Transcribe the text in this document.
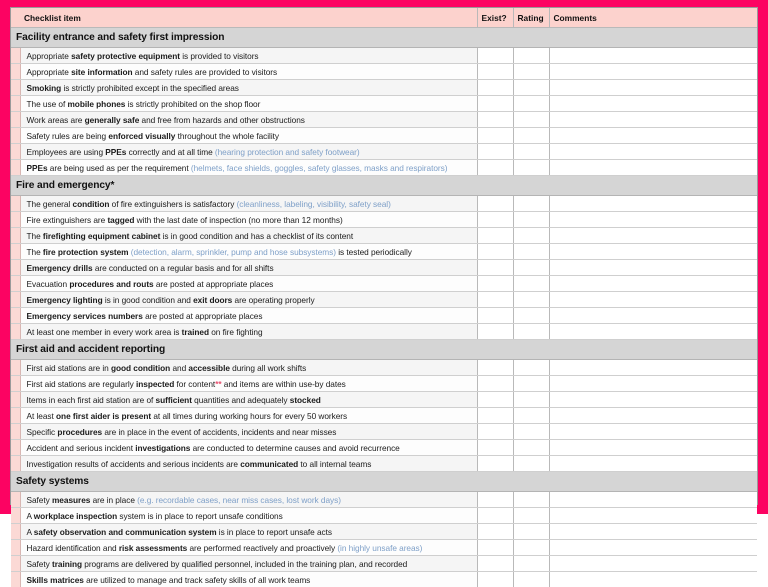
	Checklist item	Exist?	Rating	Comments
Facility entrance and safety first impression				
	Appropriate safety protective equipment is provided to visitors			
	Appropriate site information and safety rules are provided to visitors			
	Smoking is strictly prohibited except in the specified areas			
	The use of mobile phones is strictly prohibited on the shop floor			
	Work areas are generally safe and free from hazards and other obstructions			
	Safety rules are being enforced visually throughout the whole facility			
	Employees are using PPEs correctly and at all time (hearing protection and safety footwear)			
	PPEs are being used as per the requirement (helmets, face shields, goggles, safety glasses, masks and respirators)			
Fire and emergency*				
	The general condition of fire extinguishers is satisfactory (cleanliness, labeling, visibility, safety seal)			
	Fire extinguishers are tagged with the last date of inspection (no more than 12 months)			
	The firefighting equipment cabinet is in good condition and has a checklist of its content			
	The fire protection system (detection, alarm, sprinkler, pump and hose subsystems) is tested periodically			
	Emergency drills are conducted on a regular basis and for all shifts			
	Evacuation procedures and routs are posted at appropriate places			
	Emergency lighting is in good condition and exit doors are operating properly			
	Emergency services numbers are posted at appropriate places			
	At least one member in every work area is trained on fire fighting			
First aid and accident reporting				
	First aid stations are in good condition and accessible during all work shifts			
	First aid stations are regularly inspected for content** and items are within use-by dates			
	Items in each first aid station are of sufficient quantities and adequately stocked			
	At least one first aider is present at all times during working hours for every 50 workers			
	Specific procedures are in place in the event of accidents, incidents and near misses			
	Accident and serious incident investigations are conducted to determine causes and avoid recurrence			
	Investigation results of accidents and serious incidents are communicated to all internal teams			
Safety systems				
	Safety measures are in place (e.g. recordable cases, near miss cases, lost work days)			
	A workplace inspection system is in place to report unsafe conditions			
	A safety observation and communication system is in place to report unsafe acts			
	Hazard identification and risk assessments are performed reactively and proactively (in highly unsafe areas)			
	Safety training programs are delivered by qualified personnel, included in the training plan, and recorded			
	Skills matrices are utilized to manage and track safety skills of all work teams			
